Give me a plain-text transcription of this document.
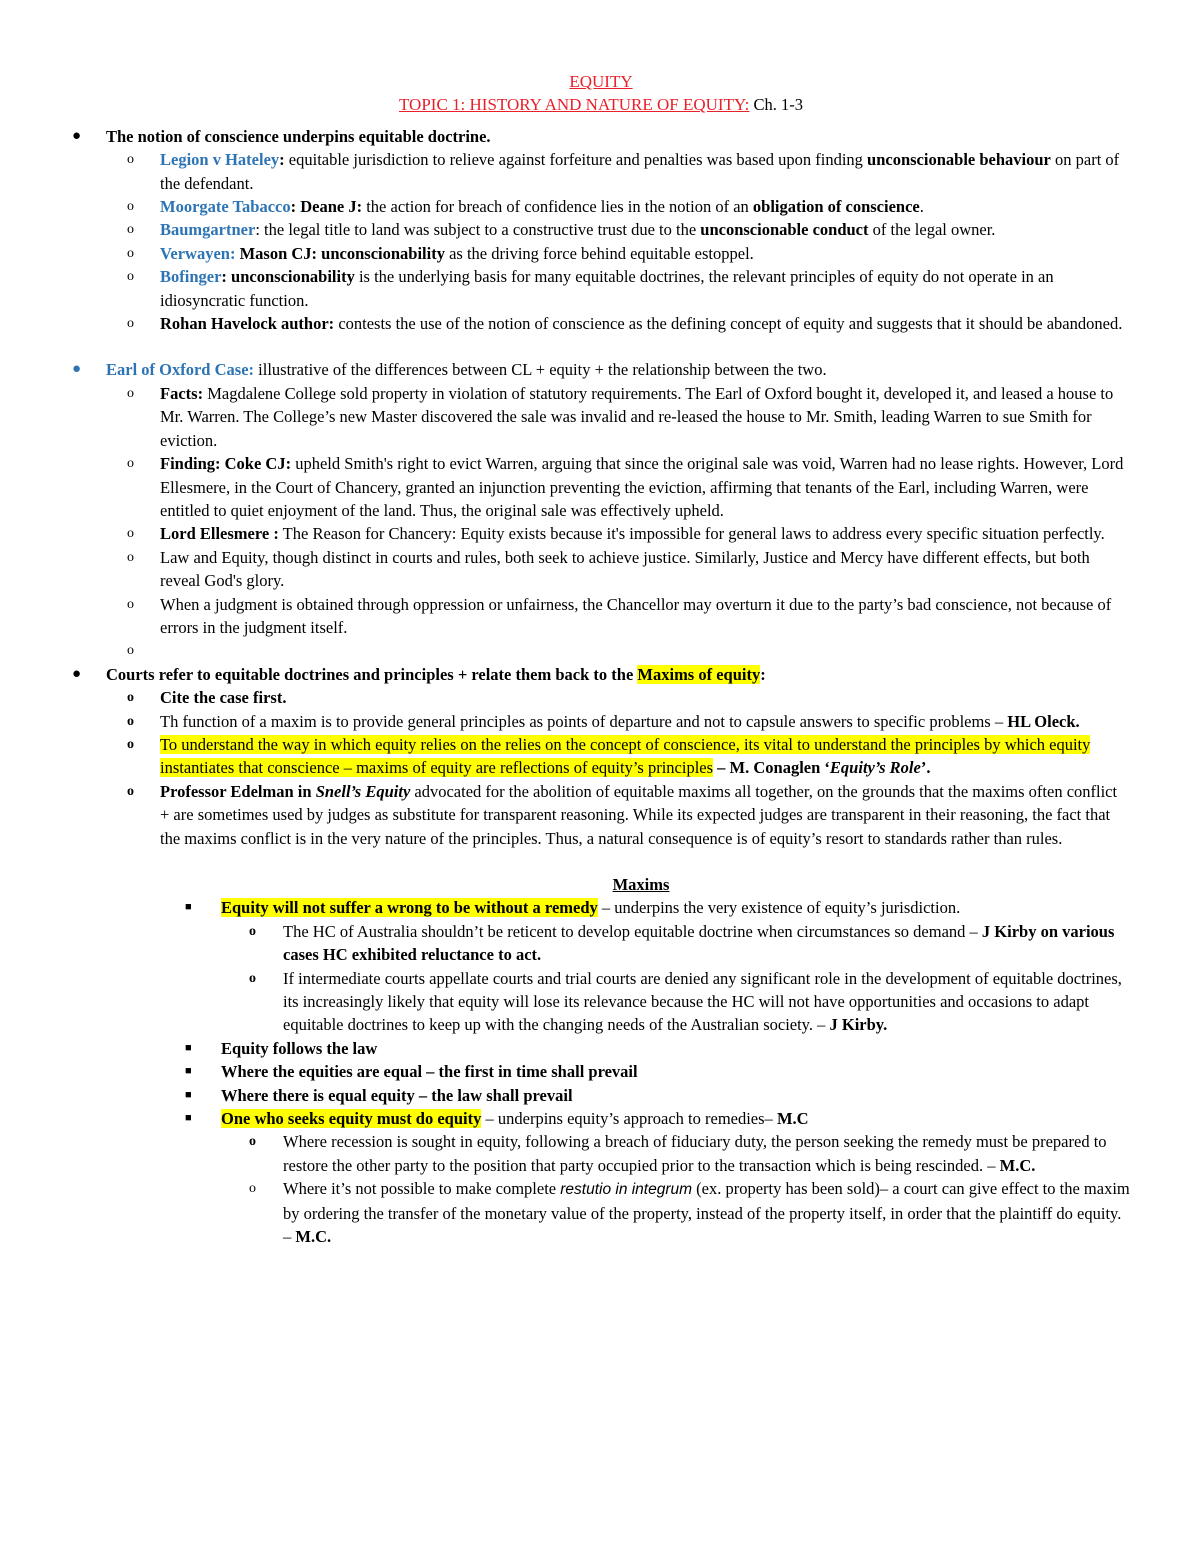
EQUITY
TOPIC 1: HISTORY AND NATURE OF EQUITY: Ch. 1-3
● The notion of conscience underpins equitable doctrine.
o Legion v Hateley: equitable jurisdiction to relieve against forfeiture and penalties was based upon finding unconscionable behaviour on part of the defendant.
o Moorgate Tabacco: Deane J: the action for breach of confidence lies in the notion of an obligation of conscience.
o Baumgartner: the legal title to land was subject to a constructive trust due to the unconscionable conduct of the legal owner.
o Verwayen: Mason CJ: unconscionability as the driving force behind equitable estoppel.
o Bofinger: unconscionability is the underlying basis for many equitable doctrines, the relevant principles of equity do not operate in an idiosyncratic function.
o Rohan Havelock author: contests the use of the notion of conscience as the defining concept of equity and suggests that it should be abandoned.
● Earl of Oxford Case: illustrative of the differences between CL + equity + the relationship between the two.
o Facts: Magdalene College sold property in violation of statutory requirements. The Earl of Oxford bought it, developed it, and leased a house to Mr. Warren. The College’s new Master discovered the sale was invalid and re-leased the house to Mr. Smith, leading Warren to sue Smith for eviction.
o Finding: Coke CJ: upheld Smith's right to evict Warren, arguing that since the original sale was void, Warren had no lease rights. However, Lord Ellesmere, in the Court of Chancery, granted an injunction preventing the eviction, affirming that tenants of the Earl, including Warren, were entitled to quiet enjoyment of the land. Thus, the original sale was effectively upheld.
o Lord Ellesmere : The Reason for Chancery: Equity exists because it's impossible for general laws to address every specific situation perfectly.
o Law and Equity, though distinct in courts and rules, both seek to achieve justice. Similarly, Justice and Mercy have different effects, but both reveal God's glory.
o When a judgment is obtained through oppression or unfairness, the Chancellor may overturn it due to the party’s bad conscience, not because of errors in the judgment itself.
o

● Courts refer to equitable doctrines and principles + relate them back to the Maxims of equity:
o Cite the case first.
o Th function of a maxim is to provide general principles as points of departure and not to capsule answers to specific problems – HL Oleck.
o To understand the way in which equity relies on the relies on the concept of conscience, its vital to understand the principles by which equity instantiates that conscience – maxims of equity are reflections of equity’s principles – M. Conaglen ‘Equity’s Role’.
o Professor Edelman in Snell’s Equity advocated for the abolition of equitable maxims all together, on the grounds that the maxims often conflict + are sometimes used by judges as substitute for transparent reasoning. While its expected judges are transparent in their reasoning, the fact that the maxims conflict is in the very nature of the principles. Thus, a natural consequence is of equity’s resort to standards rather than rules.
Maxims
■ Equity will not suffer a wrong to be without a remedy – underpins the very existence of equity’s jurisdiction.
o The HC of Australia shouldn’t be reticent to develop equitable doctrine when circumstances so demand – J Kirby on various cases HC exhibited reluctance to act.
o If intermediate courts appellate courts and trial courts are denied any significant role in the development of equitable doctrines, its increasingly likely that equity will lose its relevance because the HC will not have opportunities and occasions to adapt equitable doctrines to keep up with the changing needs of the Australian society. – J Kirby.
■ Equity follows the law
■ Where the equities are equal – the first in time shall prevail
■ Where there is equal equity – the law shall prevail
■ One who seeks equity must do equity – underpins equity’s approach to remedies– M.C
o Where recession is sought in equity, following a breach of fiduciary duty, the person seeking the remedy must be prepared to restore the other party to the position that party occupied prior to the transaction which is being rescinded. – M.C.
o Where it’s not possible to make complete restutio in integrum (ex. property has been sold)– a court can give effect to the maxim by ordering the transfer of the monetary value of the property, instead of the property itself, in order that the plaintiff do equity. – M.C.
